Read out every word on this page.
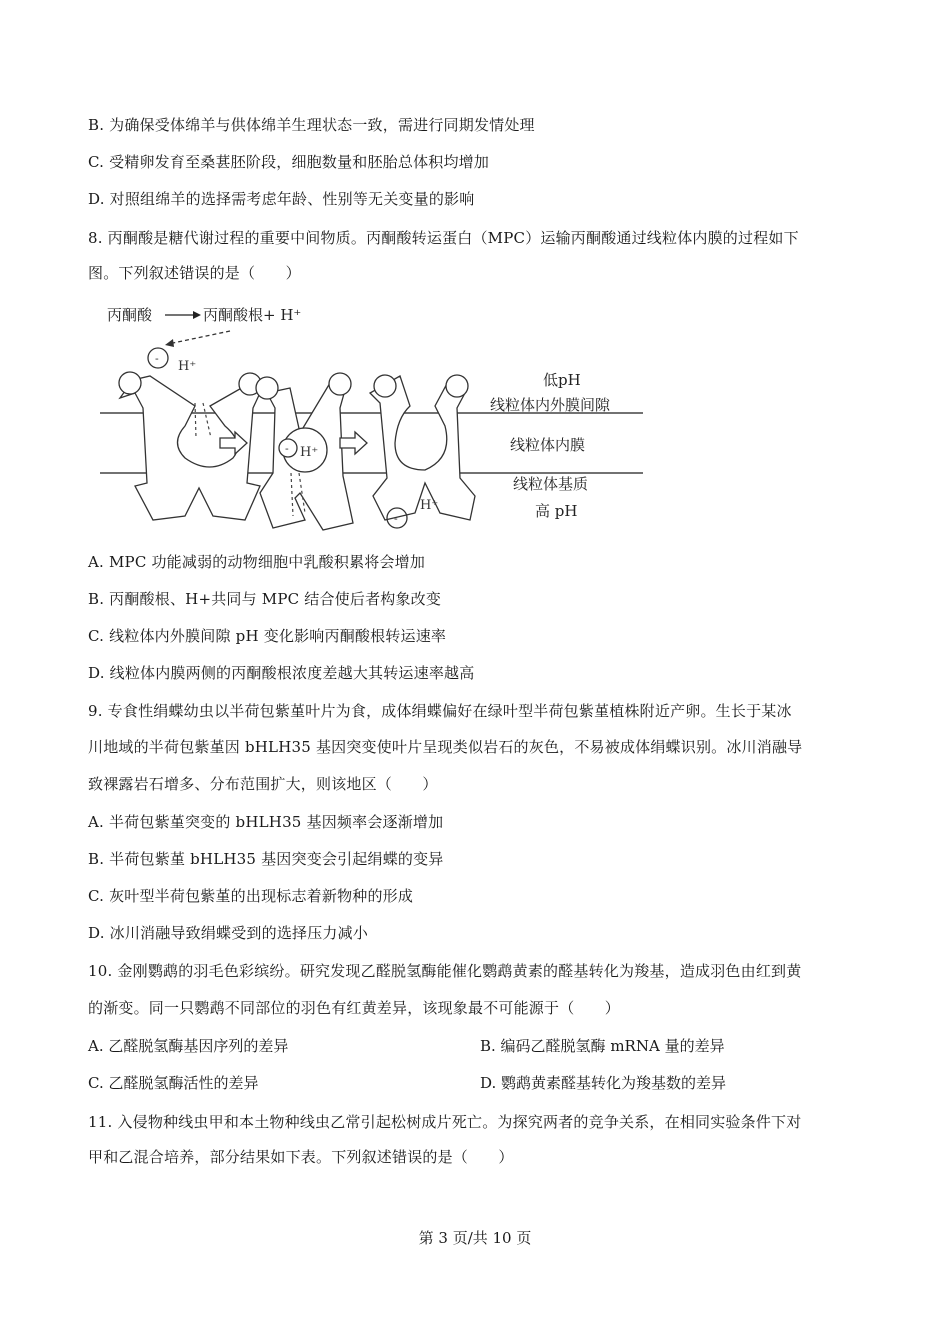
B. 为确保受体绵羊与供体绵羊生理状态一致，需进行同期发情处理
C. 受精卵发育至桑葚胚阶段，细胞数量和胚胎总体积均增加
D. 对照组绵羊的选择需考虑年龄、性别等无关变量的影响
8. 丙酮酸是糖代谢过程的重要中间物质。丙酮酸转运蛋白（MPC）运输丙酮酸通过线粒体内膜的过程如下
图。下列叙述错误的是（　　）
丙酮酸	丙酮酸根+ H⁺
-
H⁺
- H⁺
H⁺
-
低pH
线粒体内外膜间隙
线粒体内膜
线粒体基质
高 pH
A. MPC 功能减弱的动物细胞中乳酸积累将会增加
B. 丙酮酸根、H+共同与 MPC 结合使后者构象改变
C. 线粒体内外膜间隙 pH 变化影响丙酮酸根转运速率
D. 线粒体内膜两侧的丙酮酸根浓度差越大其转运速率越高
9. 专食性绢蝶幼虫以半荷包紫堇叶片为食，成体绢蝶偏好在绿叶型半荷包紫堇植株附近产卵。生长于某冰
川地域的半荷包紫堇因 bHLH35 基因突变使叶片呈现类似岩石的灰色，不易被成体绢蝶识别。冰川消融导
致裸露岩石增多、分布范围扩大，则该地区（　　）
A. 半荷包紫堇突变的 bHLH35 基因频率会逐渐增加
B. 半荷包紫堇 bHLH35 基因突变会引起绢蝶的变异
C. 灰叶型半荷包紫堇的出现标志着新物种的形成
D. 冰川消融导致绢蝶受到的选择压力减小
10. 金刚鹦鹉的羽毛色彩缤纷。研究发现乙醛脱氢酶能催化鹦鹉黄素的醛基转化为羧基，造成羽色由红到黄
的渐变。同一只鹦鹉不同部位的羽色有红黄差异，该现象最不可能源于（　　）
A. 乙醛脱氢酶基因序列的差异	B. 编码乙醛脱氢酶 mRNA 量的差异
C. 乙醛脱氢酶活性的差异	D. 鹦鹉黄素醛基转化为羧基数的差异
11. 入侵物种线虫甲和本土物种线虫乙常引起松树成片死亡。为探究两者的竞争关系，在相同实验条件下对
甲和乙混合培养，部分结果如下表。下列叙述错误的是（　　）
第 3 页/共 10 页
